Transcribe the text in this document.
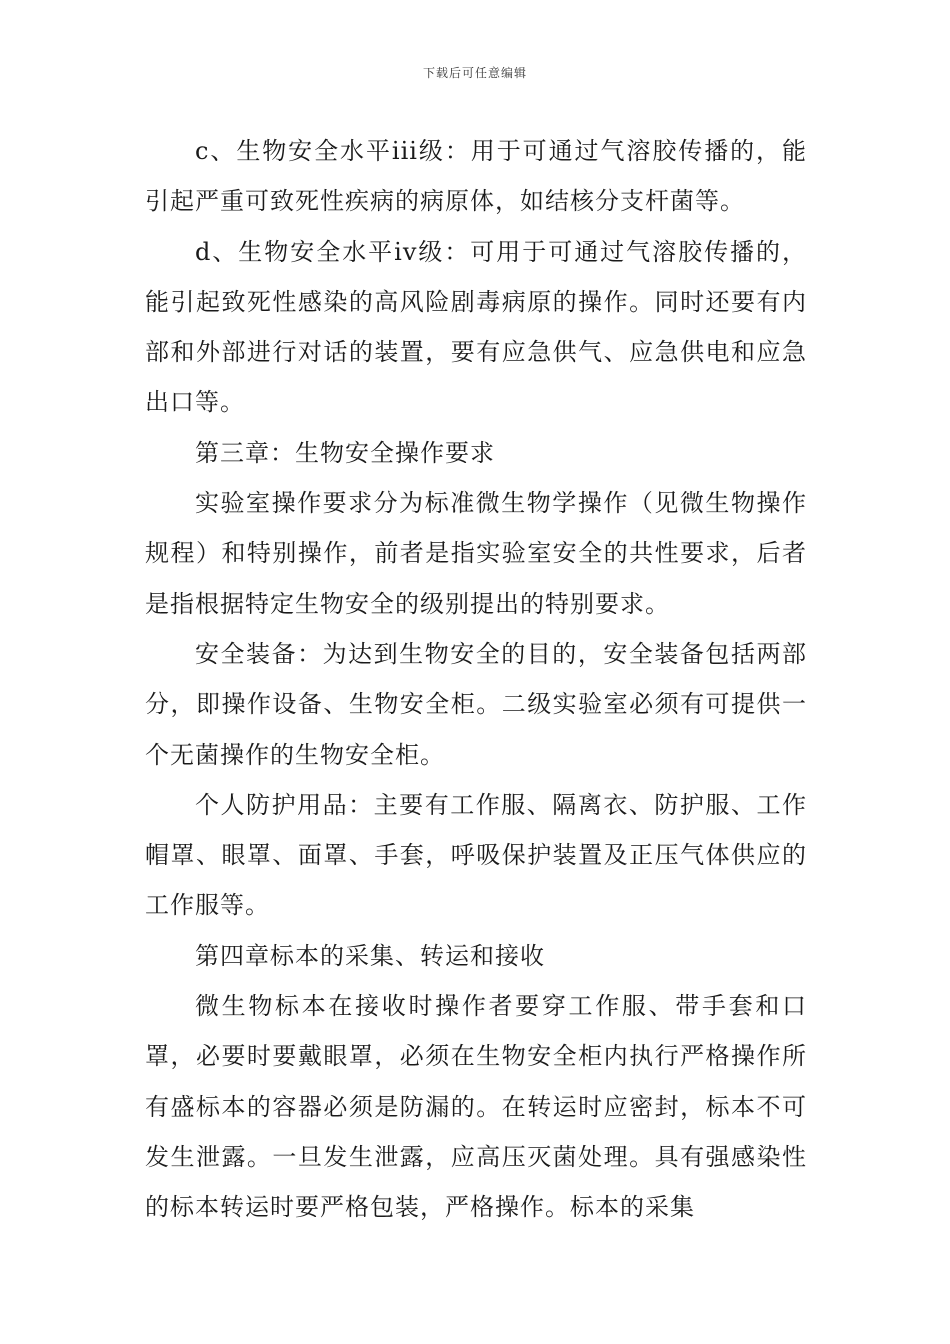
下载后可任意编辑

c、生物安全水平iii级：用于可通过气溶胶传播的，能引起严重可致死性疾病的病原体，如结核分支杆菌等。

d、生物安全水平iv级：可用于可通过气溶胶传播的，能引起致死性感染的高风险剧毒病原的操作。同时还要有内部和外部进行对话的装置，要有应急供气、应急供电和应急出口等。

第三章：生物安全操作要求

实验室操作要求分为标准微生物学操作（见微生物操作规程）和特别操作，前者是指实验室安全的共性要求，后者是指根据特定生物安全的级别提出的特别要求。

安全装备：为达到生物安全的目的，安全装备包括两部分，即操作设备、生物安全柜。二级实验室必须有可提供一个无菌操作的生物安全柜。

个人防护用品：主要有工作服、隔离衣、防护服、工作帽罩、眼罩、面罩、手套，呼吸保护装置及正压气体供应的工作服等。

第四章标本的采集、转运和接收

微生物标本在接收时操作者要穿工作服、带手套和口罩，必要时要戴眼罩，必须在生物安全柜内执行严格操作所有盛标本的容器必须是防漏的。在转运时应密封，标本不可发生泄露。一旦发生泄露，应高压灭菌处理。具有强感染性的标本转运时要严格包装，严格操作。标本的采集
